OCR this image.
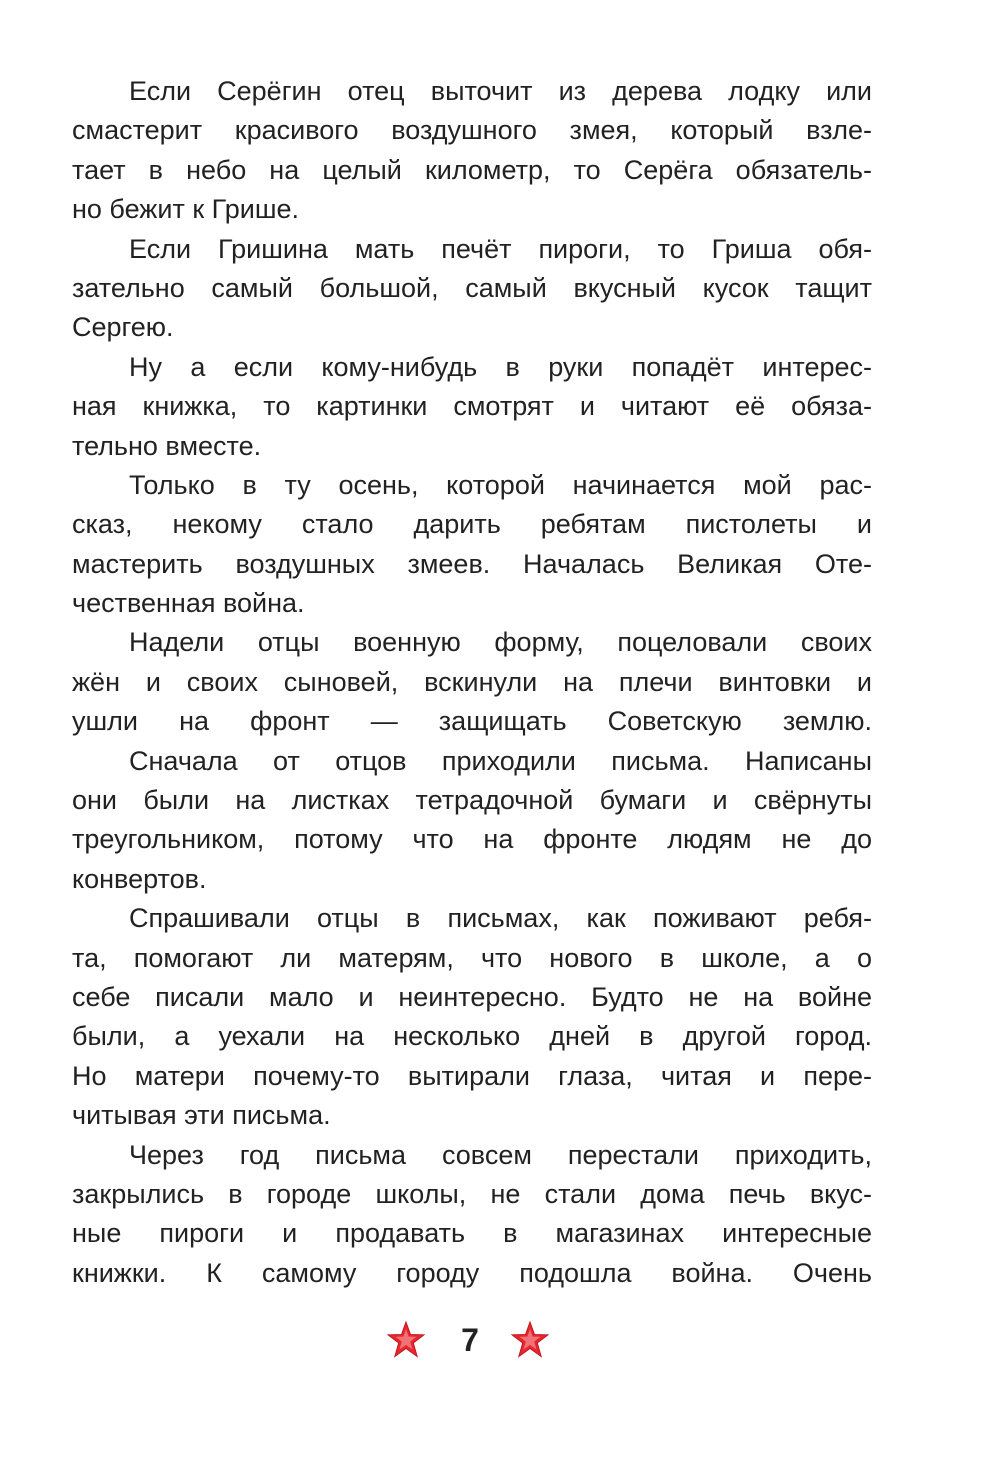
Если Серёгин отец выточит из дерева лодку или
смастерит красивого воздушного змея, который взле-
тает в небо на целый километр, то Серёга обязатель-
но бежит к Грише.
Если Гришина мать печёт пироги, то Гриша обя-
зательно самый большой, самый вкусный кусок тащит
Сергею.
Ну а если кому-нибудь в руки попадёт интерес-
ная книжка, то картинки смотрят и читают её обяза-
тельно вместе.
Только в ту осень, которой начинается мой рас-
сказ, некому стало дарить ребятам пистолеты и
мастерить воздушных змеев. Началась Великая Оте-
чественная война.
Надели отцы военную форму, поцеловали своих
жён и своих сыновей, вскинули на плечи винтовки и
ушли на фронт — защищать Советскую землю.
Сначала от отцов приходили письма. Написаны
они были на листках тетрадочной бумаги и свёрнуты
треугольником, потому что на фронте людям не до
конвертов.
Спрашивали отцы в письмах, как поживают ребя-
та, помогают ли матерям, что нового в школе, а о
себе писали мало и неинтересно. Будто не на войне
были, а уехали на несколько дней в другой город.
Но матери почему-то вытирали глаза, читая и пере-
читывая эти письма.
Через год письма совсем перестали приходить,
закрылись в городе школы, не стали дома печь вкус-
ные пироги и продавать в магазинах интересные
книжки. К самому городу подошла война. Очень
7
